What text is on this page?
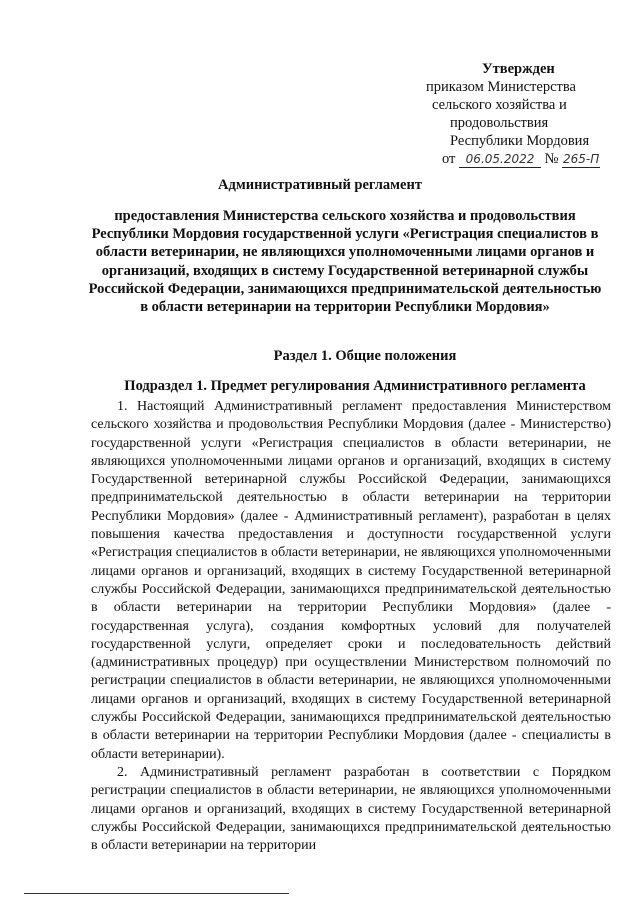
Утвержден
приказом Министерства
сельского хозяйства и
продовольствия
Республики Мордовия
от 06.05.2022 № 265-П
Административный регламент
предоставления Министерства сельского хозяйства и продовольствия Республики Мордовия государственной услуги «Регистрация специалистов в области ветеринарии, не являющихся уполномоченными лицами органов и организаций, входящих в систему Государственной ветеринарной службы Российской Федерации, занимающихся предпринимательской деятельностью в области ветеринарии на территории Республики Мордовия»
Раздел 1. Общие положения
Подраздел 1. Предмет регулирования Административного регламента

1. Настоящий Административный регламент предоставления Министерством сельского хозяйства и продовольствия Республики Мордовия (далее - Министерство) государственной услуги «Регистрация специалистов в области ветеринарии, не являющихся уполномоченными лицами органов и организаций, входящих в систему Государственной ветеринарной службы Российской Федерации, занимающихся предпринимательской деятельностью в области ветеринарии на территории Республики Мордовия» (далее - Административный регламент), разработан в целях повышения качества предоставления и доступности государственной услуги «Регистрация специалистов в области ветеринарии, не являющихся уполномоченными лицами органов и организаций, входящих в систему Государственной ветеринарной службы Российской Федерации, занимающихся предпринимательской деятельностью в области ветеринарии на территории Республики Мордовия» (далее - государственная услуга), создания комфортных условий для получателей государственной услуги, определяет сроки и последовательность действий (административных процедур) при осуществлении Министерством полномочий по регистрации специалистов в области ветеринарии, не являющихся уполномоченными лицами органов и организаций, входящих в систему Государственной ветеринарной службы Российской Федерации, занимающихся предпринимательской деятельностью в области ветеринарии на территории Республики Мордовия (далее - специалисты в области ветеринарии).

2. Административный регламент разработан в соответствии с Порядком регистрации специалистов в области ветеринарии, не являющихся уполномоченными лицами органов и организаций, входящих в систему Государственной ветеринарной службы Российской Федерации, занимающихся предпринимательской деятельностью в области ветеринарии на территории
